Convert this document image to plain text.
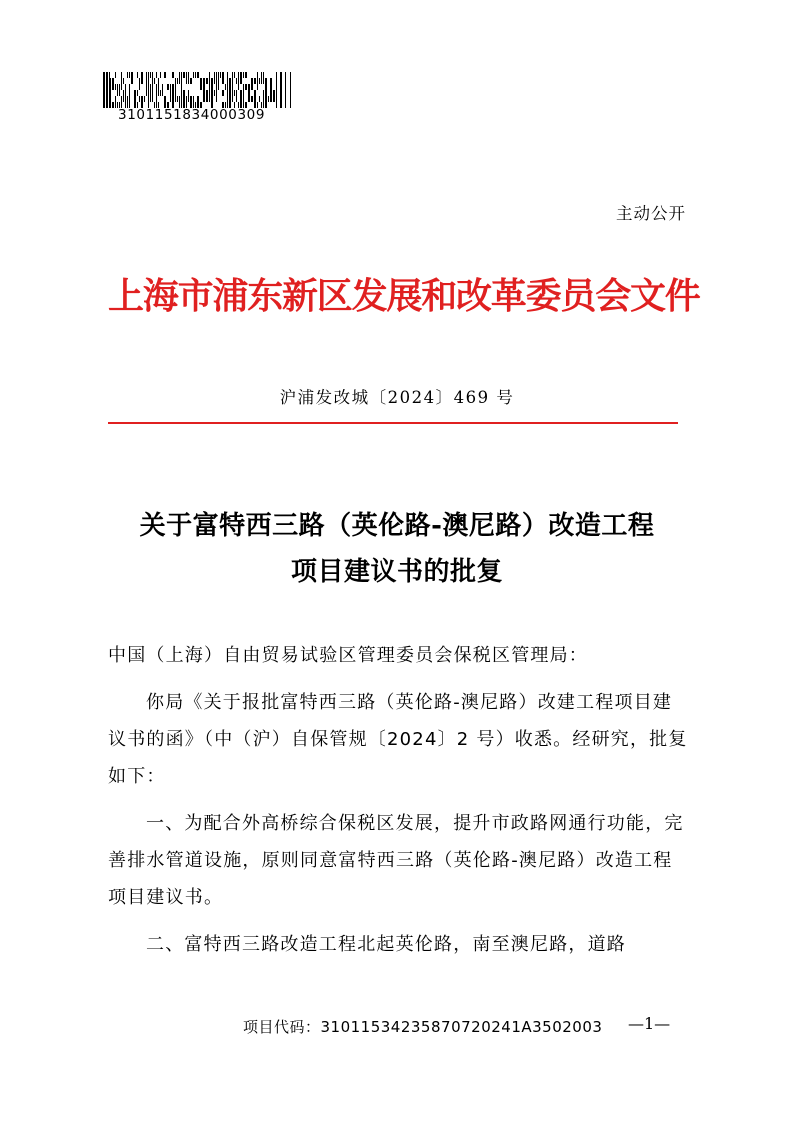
3101151834000309
主动公开
上海市浦东新区发展和改革委员会文件
沪浦发改城〔2024〕469 号
关于富特西三路（英伦路-澳尼路）改造工程
项目建议书的批复

中国（上海）自由贸易试验区管理委员会保税区管理局：

你局《关于报批富特西三路（英伦路-澳尼路）改建工程项目建议书的函》（中（沪）自保管规〔2024〕2 号）收悉。经研究，批复如下：

一、为配合外高桥综合保税区发展，提升市政路网通行功能，完善排水管道设施，原则同意富特西三路（英伦路-澳尼路）改造工程项目建议书。

二、富特西三路改造工程北起英伦路，南至澳尼路，道路

项目代码：31011534235870720241A3502003 —1—
